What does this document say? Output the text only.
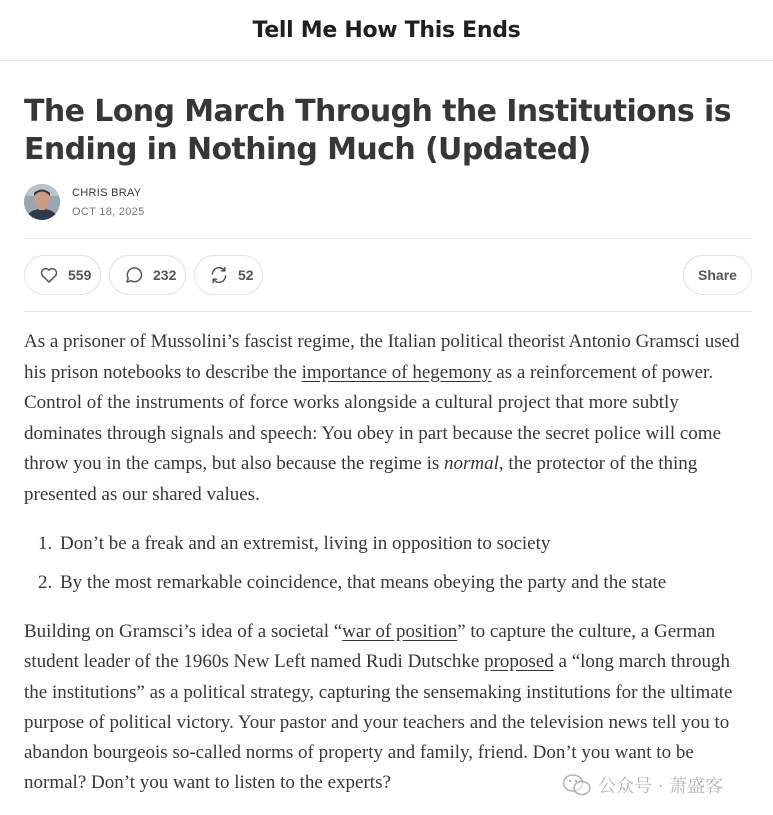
Tell Me How This Ends
The Long March Through the Institutions is Ending in Nothing Much (Updated)
CHRIS BRAY
OCT 18, 2025
559	232	52	Share

As a prisoner of Mussolini’s fascist regime, the Italian political theorist Antonio Gramsci used his prison notebooks to describe the importance of hegemony as a reinforcement of power. Control of the instruments of force works alongside a cultural project that more subtly dominates through signals and speech: You obey in part because the secret police will come throw you in the camps, but also because the regime is normal, the protector of the thing presented as our shared values.

1. Don’t be a freak and an extremist, living in opposition to society
2. By the most remarkable coincidence, that means obeying the party and the state
Building on Gramsci’s idea of a societal “war of position” to capture the culture, a German student leader of the 1960s New Left named Rudi Dutschke proposed a “long march through the institutions” as a political strategy, capturing the sensemaking institutions for the ultimate purpose of political victory. Your pastor and your teachers and the television news tell you to abandon bourgeois so-called norms of property and family, friend. Don’t you want to be normal? Don’t you want to listen to the experts?	公众号 · 萧盛客
